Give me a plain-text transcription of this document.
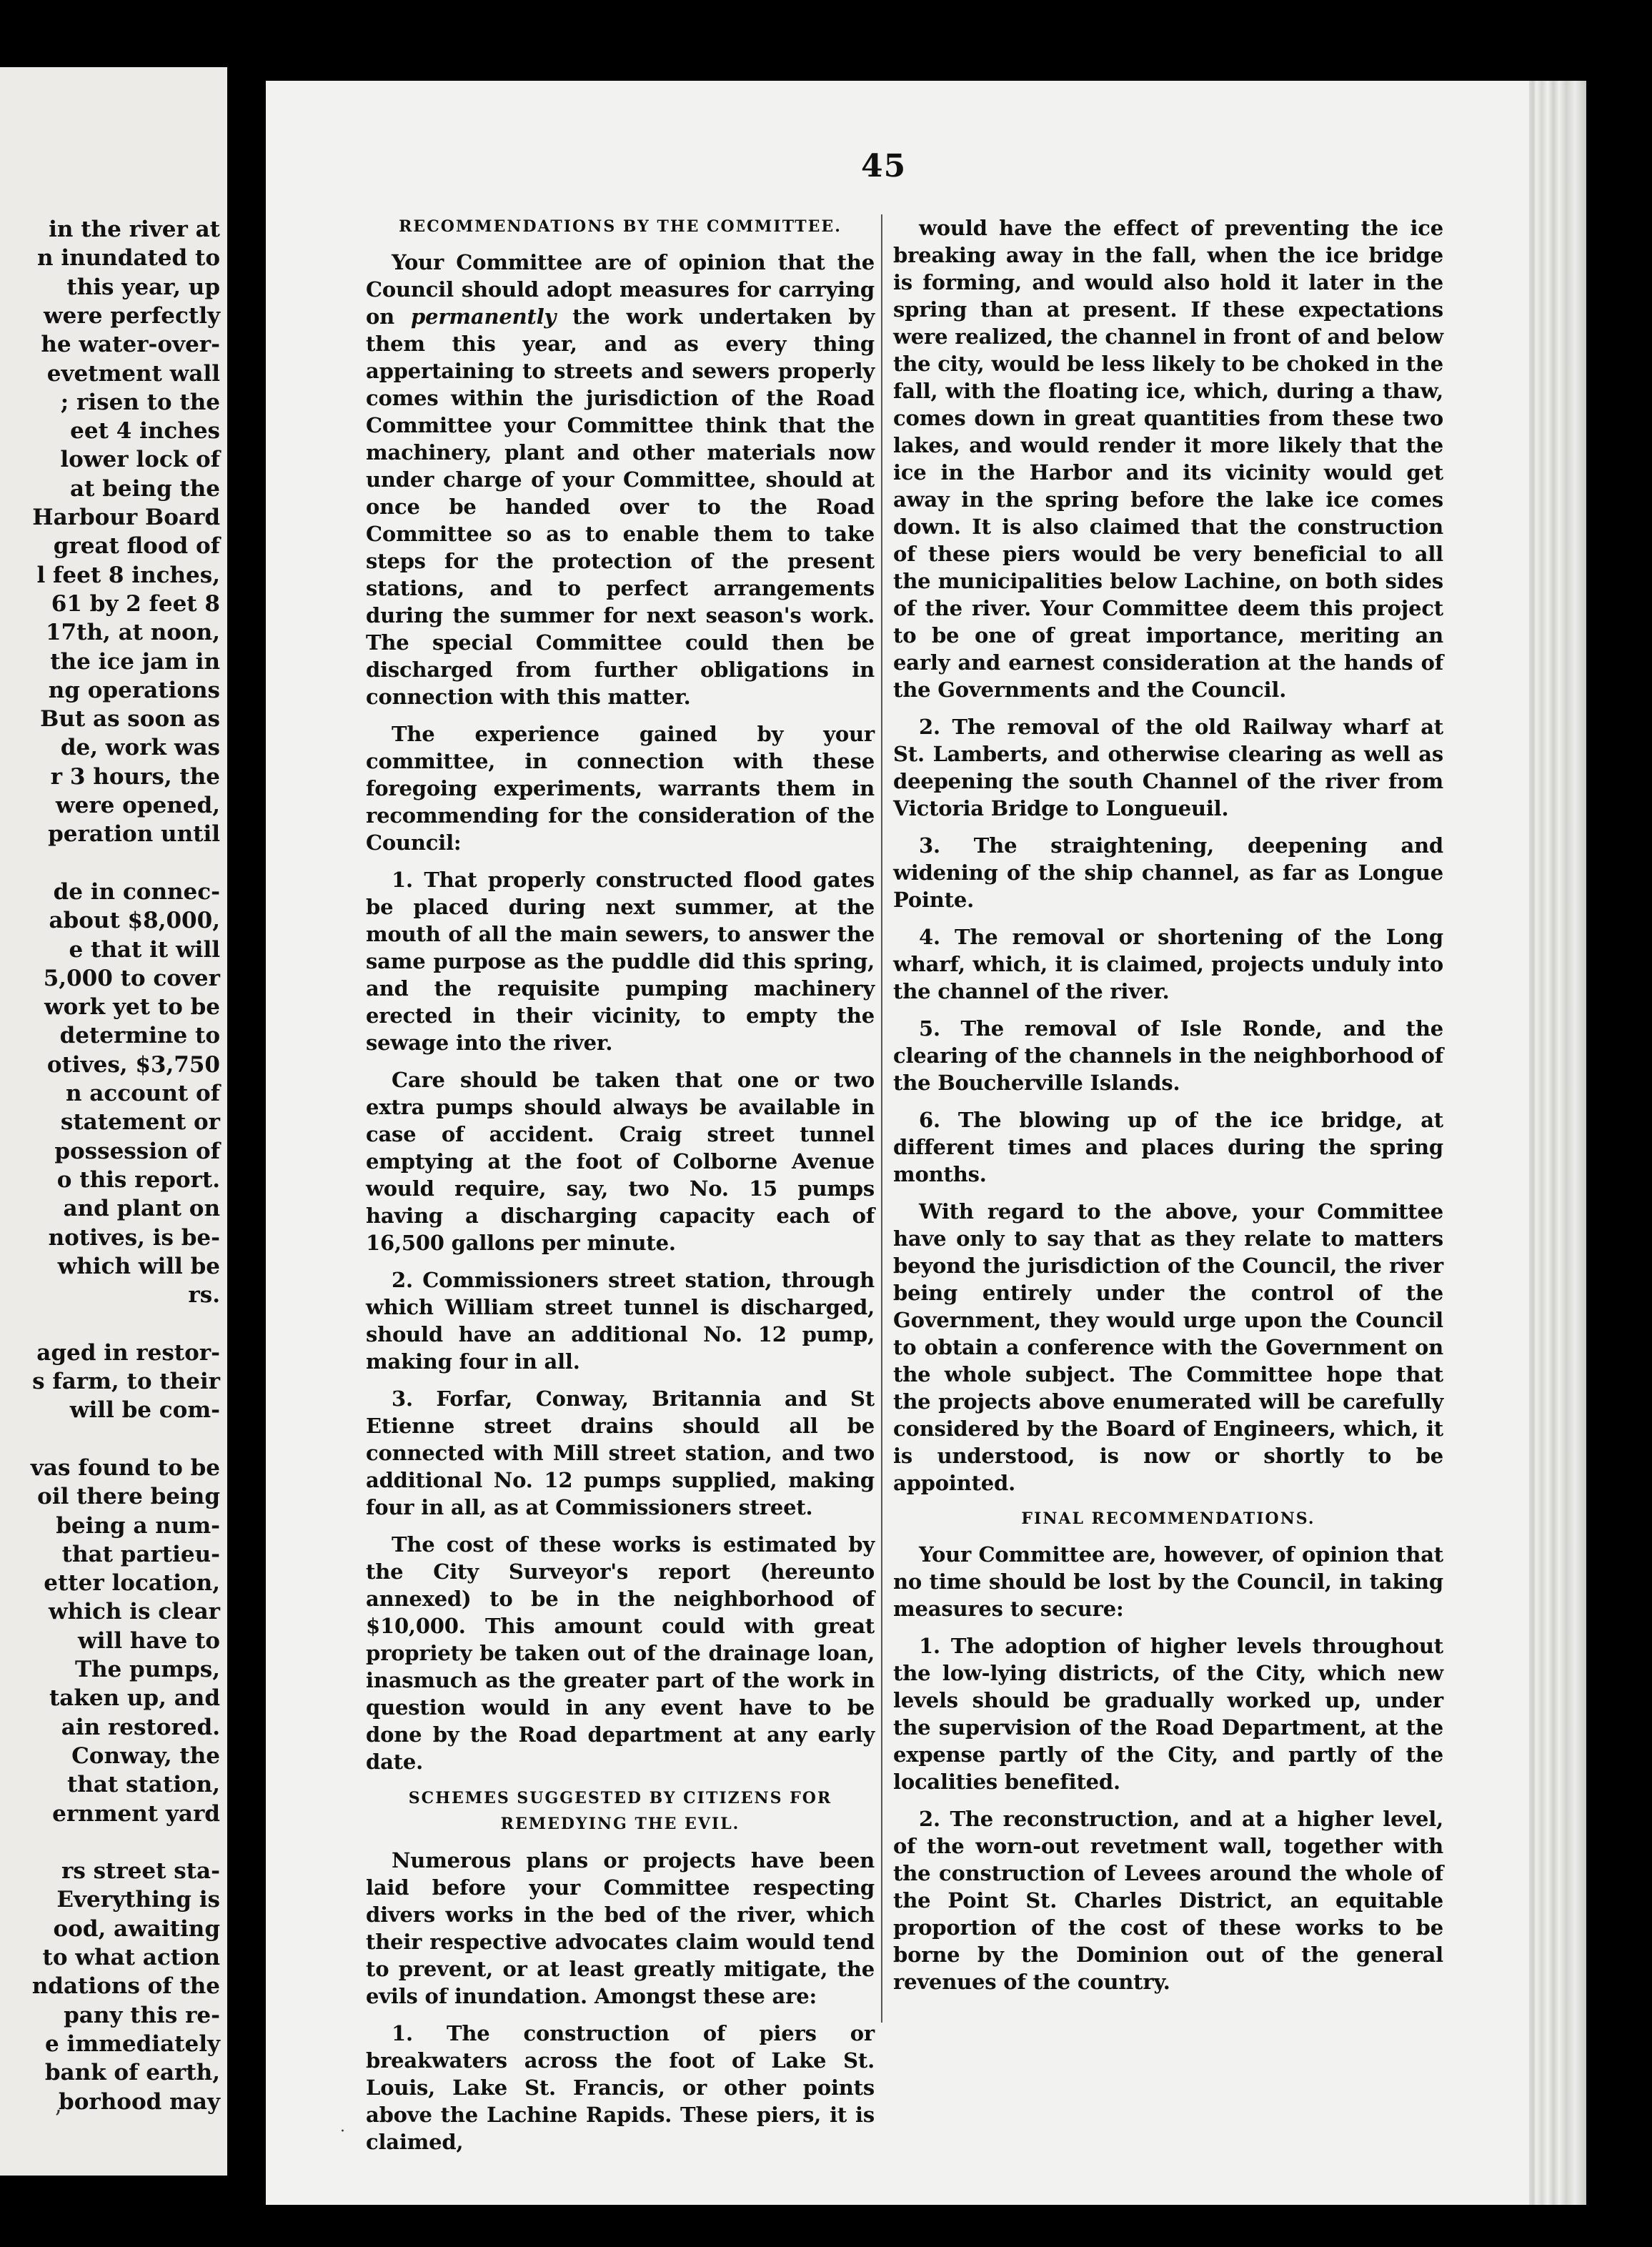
in the river at
n inundated to
this year, up
were perfectly
he water-over-
evetment wall
; risen to the
eet 4 inches
lower lock of
at being the
Harbour Board
great flood of
l feet 8 inches,
61 by 2 feet 8
17th, at noon,
the ice jam in
ng operations
But as soon as
de, work was
r 3 hours, the
were opened,
peration until
de in connec-
about $8,000,
e that it will
5,000 to cover
work yet to be
determine to
otives, $3,750
n account of
statement or
possession of
o this report.
and plant on
notives, is be-
which will be
rs.
aged in restor-
s farm, to their
will be com-
vas found to be
oil there being
being a num-
that partieu-
etter location,
which is clear
will have to
The pumps,
taken up, and
ain restored.
Conway, the
that station,
ernment yard
rs street sta-
Everything is
ood, awaiting
to what action
ndations of the
pany this re-
e immediately
bank of earth,
borhood may
’	·
45
RECOMMENDATIONS BY THE COMMITTEE.

Your Committee are of opinion that the Council should adopt measures for carrying on permanently the work undertaken by them this year, and as every thing appertaining to streets and sewers properly comes within the jurisdiction of the Road Committee your Committee think that the machinery, plant and other materials now under charge of your Committee, should at once be handed over to the Road Committee so as to enable them to take steps for the protection of the present stations, and to perfect arrangements during the summer for next season's work. The special Committee could then be discharged from further obligations in connection with this matter.

The experience gained by your committee, in connection with these foregoing experiments, warrants them in recommending for the consideration of the Council:

1. That properly constructed flood gates be placed during next summer, at the mouth of all the main sewers, to answer the same purpose as the puddle did this spring, and the requisite pumping machinery erected in their vicinity, to empty the sewage into the river.

Care should be taken that one or two extra pumps should always be available in case of accident. Craig street tunnel emptying at the foot of Colborne Avenue would require, say, two No. 15 pumps having a discharging capacity each of 16,500 gallons per minute.

2. Commissioners street station, through which William street tunnel is discharged, should have an additional No. 12 pump, making four in all.

3. Forfar, Conway, Britannia and St Etienne street drains should all be connected with Mill street station, and two additional No. 12 pumps supplied, making four in all, as at Commissioners street.

The cost of these works is estimated by the City Surveyor's report (hereunto annexed) to be in the neighborhood of $10,000. This amount could with great propriety be taken out of the drainage loan, inasmuch as the greater part of the work in question would in any event have to be done by the Road department at any early date.

SCHEMES SUGGESTED BY CITIZENS FOR REMEDYING THE EVIL.

Numerous plans or projects have been laid before your Committee respecting divers works in the bed of the river, which their respective advocates claim would tend to prevent, or at least greatly mitigate, the evils of inundation. Amongst these are:

1. The construction of piers or breakwaters across the foot of Lake St. Louis, Lake St. Francis, or other points above the Lachine Rapids. These piers, it is claimed,

would have the effect of preventing the ice breaking away in the fall, when the ice bridge is forming, and would also hold it later in the spring than at present. If these expectations were realized, the channel in front of and below the city, would be less likely to be choked in the fall, with the floating ice, which, during a thaw, comes down in great quantities from these two lakes, and would render it more likely that the ice in the Harbor and its vicinity would get away in the spring before the lake ice comes down. It is also claimed that the construction of these piers would be very beneficial to all the municipalities below Lachine, on both sides of the river. Your Committee deem this project to be one of great importance, meriting an early and earnest consideration at the hands of the Governments and the Council.

2. The removal of the old Railway wharf at St. Lamberts, and otherwise clearing as well as deepening the south Channel of the river from Victoria Bridge to Longueuil.

3. The straightening, deepening and widening of the ship channel, as far as Longue Pointe.

4. The removal or shortening of the Long wharf, which, it is claimed, projects unduly into the channel of the river.

5. The removal of Isle Ronde, and the clearing of the channels in the neighborhood of the Boucherville Islands.

6. The blowing up of the ice bridge, at different times and places during the spring months.

With regard to the above, your Committee have only to say that as they relate to matters beyond the jurisdiction of the Council, the river being entirely under the control of the Government, they would urge upon the Council to obtain a conference with the Government on the whole subject. The Committee hope that the projects above enumerated will be carefully considered by the Board of Engineers, which, it is understood, is now or shortly to be appointed.

FINAL RECOMMENDATIONS.

Your Committee are, however, of opinion that no time should be lost by the Council, in taking measures to secure:

1. The adoption of higher levels throughout the low-lying districts, of the City, which new levels should be gradually worked up, under the supervision of the Road Department, at the expense partly of the City, and partly of the localities benefited.

2. The reconstruction, and at a higher level, of the worn-out revetment wall, together with the construction of Levees around the whole of the Point St. Charles District, an equitable proportion of the cost of these works to be borne by the Dominion out of the general revenues of the country.
